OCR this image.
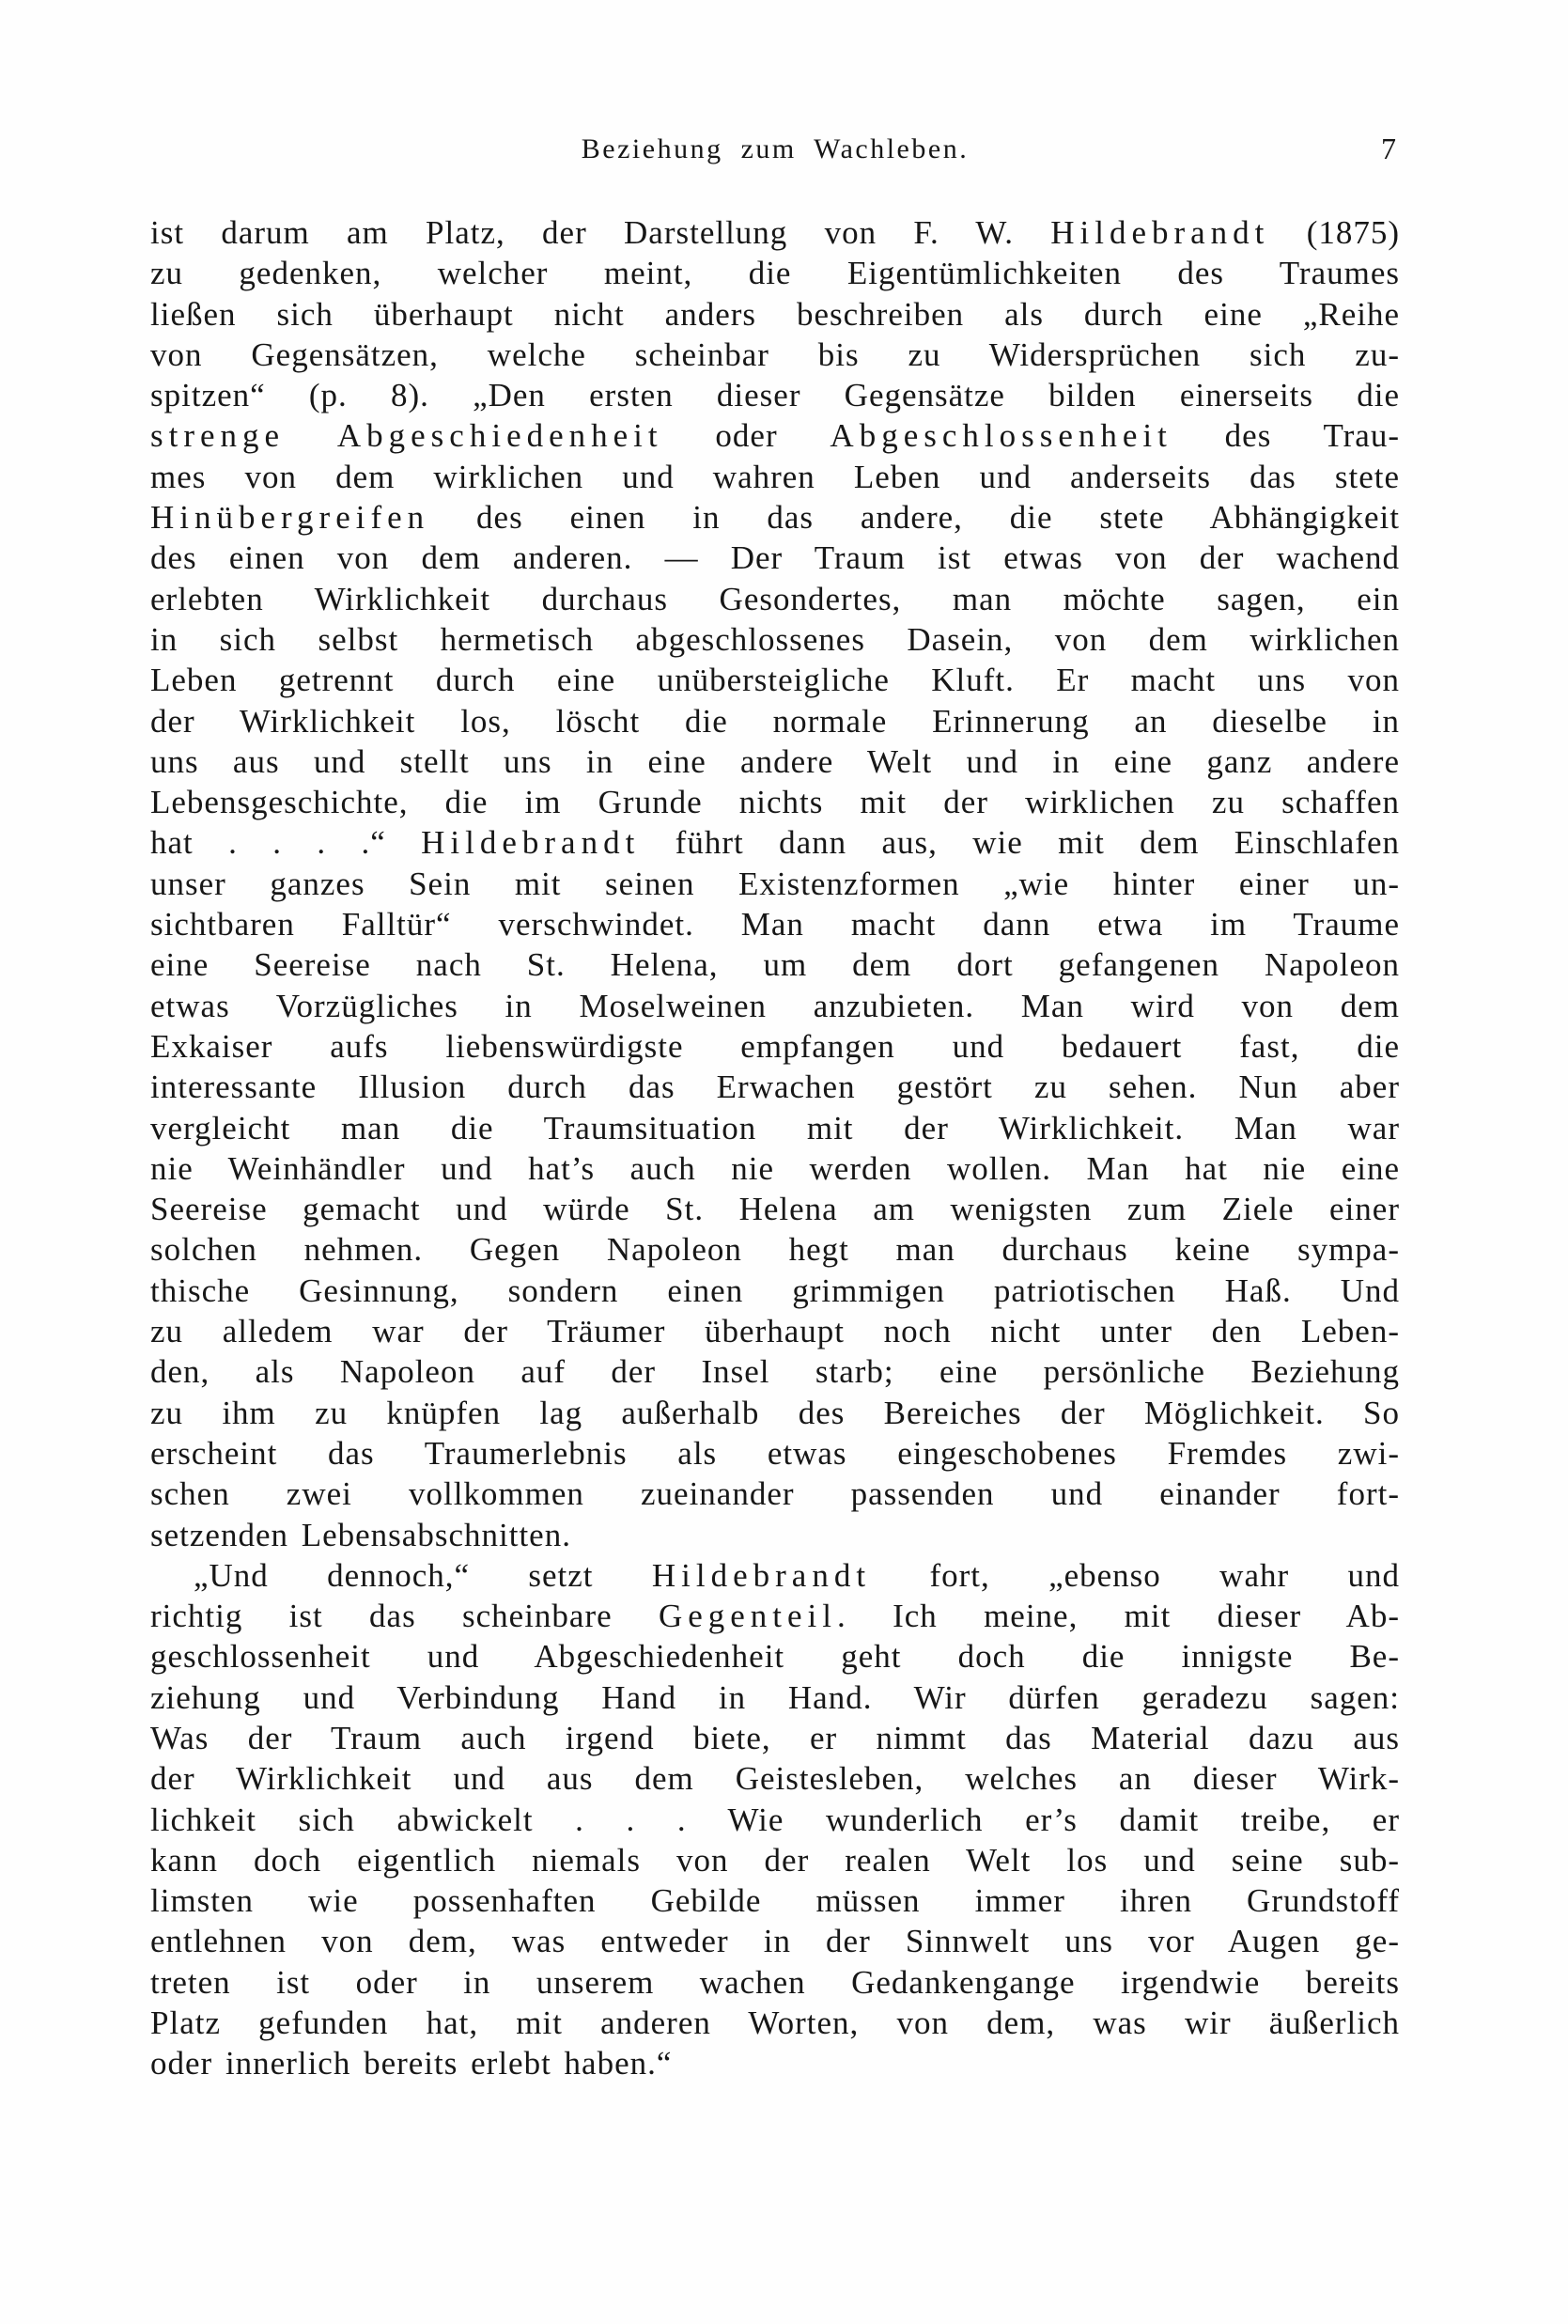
Beziehung zum Wachleben.	7
ist darum am Platz, der Darstellung von F. W. Hildebrandt (1875)
zu gedenken, welcher meint, die Eigentümlichkeiten des Traumes
ließen sich überhaupt nicht anders beschreiben als durch eine „Reihe
von Gegensätzen, welche scheinbar bis zu Widersprüchen sich zu-
spitzen“ (p. 8). „Den ersten dieser Gegensätze bilden einerseits die
strenge Abgeschiedenheit oder Abgeschlossenheit des Trau-
mes von dem wirklichen und wahren Leben und anderseits das stete
Hinübergreifen des einen in das andere, die stete Abhängigkeit
des einen von dem anderen. — Der Traum ist etwas von der wachend
erlebten Wirklichkeit durchaus Gesondertes, man möchte sagen, ein
in sich selbst hermetisch abgeschlossenes Dasein, von dem wirklichen
Leben getrennt durch eine unübersteigliche Kluft. Er macht uns von
der Wirklichkeit los, löscht die normale Erinnerung an dieselbe in
uns aus und stellt uns in eine andere Welt und in eine ganz andere
Lebensgeschichte, die im Grunde nichts mit der wirklichen zu schaffen
hat . . . .“ Hildebrandt führt dann aus, wie mit dem Einschlafen
unser ganzes Sein mit seinen Existenzformen „wie hinter einer un-
sichtbaren Falltür“ verschwindet. Man macht dann etwa im Traume
eine Seereise nach St. Helena, um dem dort gefangenen Napoleon
etwas Vorzügliches in Moselweinen anzubieten. Man wird von dem
Exkaiser aufs liebenswürdigste empfangen und bedauert fast, die
interessante Illusion durch das Erwachen gestört zu sehen. Nun aber
vergleicht man die Traumsituation mit der Wirklichkeit. Man war
nie Weinhändler und hat’s auch nie werden wollen. Man hat nie eine
Seereise gemacht und würde St. Helena am wenigsten zum Ziele einer
solchen nehmen. Gegen Napoleon hegt man durchaus keine sympa-
thische Gesinnung, sondern einen grimmigen patriotischen Haß. Und
zu alledem war der Träumer überhaupt noch nicht unter den Leben-
den, als Napoleon auf der Insel starb; eine persönliche Beziehung
zu ihm zu knüpfen lag außerhalb des Bereiches der Möglichkeit. So
erscheint das Traumerlebnis als etwas eingeschobenes Fremdes zwi-
schen zwei vollkommen zueinander passenden und einander fort-
setzenden Lebensabschnitten.
„Und dennoch,“ setzt Hildebrandt fort, „ebenso wahr und
richtig ist das scheinbare Gegenteil. Ich meine, mit dieser Ab-
geschlossenheit und Abgeschiedenheit geht doch die innigste Be-
ziehung und Verbindung Hand in Hand. Wir dürfen geradezu sagen:
Was der Traum auch irgend biete, er nimmt das Material dazu aus
der Wirklichkeit und aus dem Geistesleben, welches an dieser Wirk-
lichkeit sich abwickelt . . . Wie wunderlich er’s damit treibe, er
kann doch eigentlich niemals von der realen Welt los und seine sub-
limsten wie possenhaften Gebilde müssen immer ihren Grundstoff
entlehnen von dem, was entweder in der Sinnwelt uns vor Augen ge-
treten ist oder in unserem wachen Gedankengange irgendwie bereits
Platz gefunden hat, mit anderen Worten, von dem, was wir äußerlich
oder innerlich bereits erlebt haben.“
